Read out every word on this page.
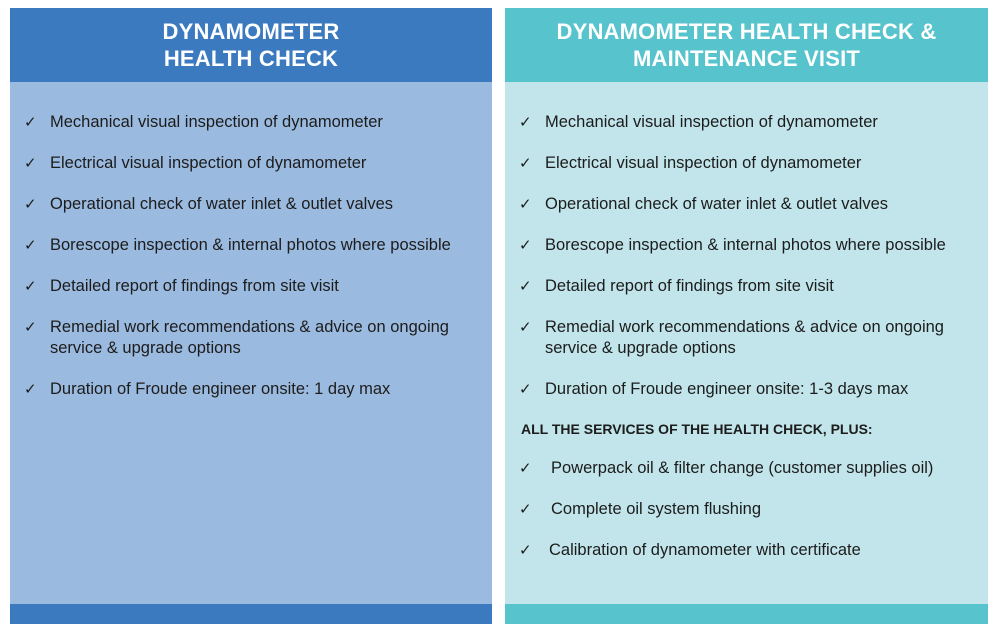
DYNAMOMETER
HEALTH CHECK
✓ Mechanical visual inspection of dynamometer
✓ Electrical visual inspection of dynamometer
✓ Operational check of water inlet & outlet valves
✓ Borescope inspection & internal photos where possible
✓ Detailed report of findings from site visit
✓ Remedial work recommendations & advice on ongoing service & upgrade options
✓ Duration of Froude engineer onsite: 1 day max
DYNAMOMETER HEALTH CHECK &
MAINTENANCE VISIT
✓ Mechanical visual inspection of dynamometer
✓ Electrical visual inspection of dynamometer
✓ Operational check of water inlet & outlet valves
✓ Borescope inspection & internal photos where possible
✓ Detailed report of findings from site visit
✓ Remedial work recommendations & advice on ongoing service & upgrade options
✓ Duration of Froude engineer onsite: 1-3 days max
ALL THE SERVICES OF THE HEALTH CHECK, PLUS:
✓ Powerpack oil & filter change (customer supplies oil)
✓ Complete oil system flushing
✓ Calibration of dynamometer with certificate
